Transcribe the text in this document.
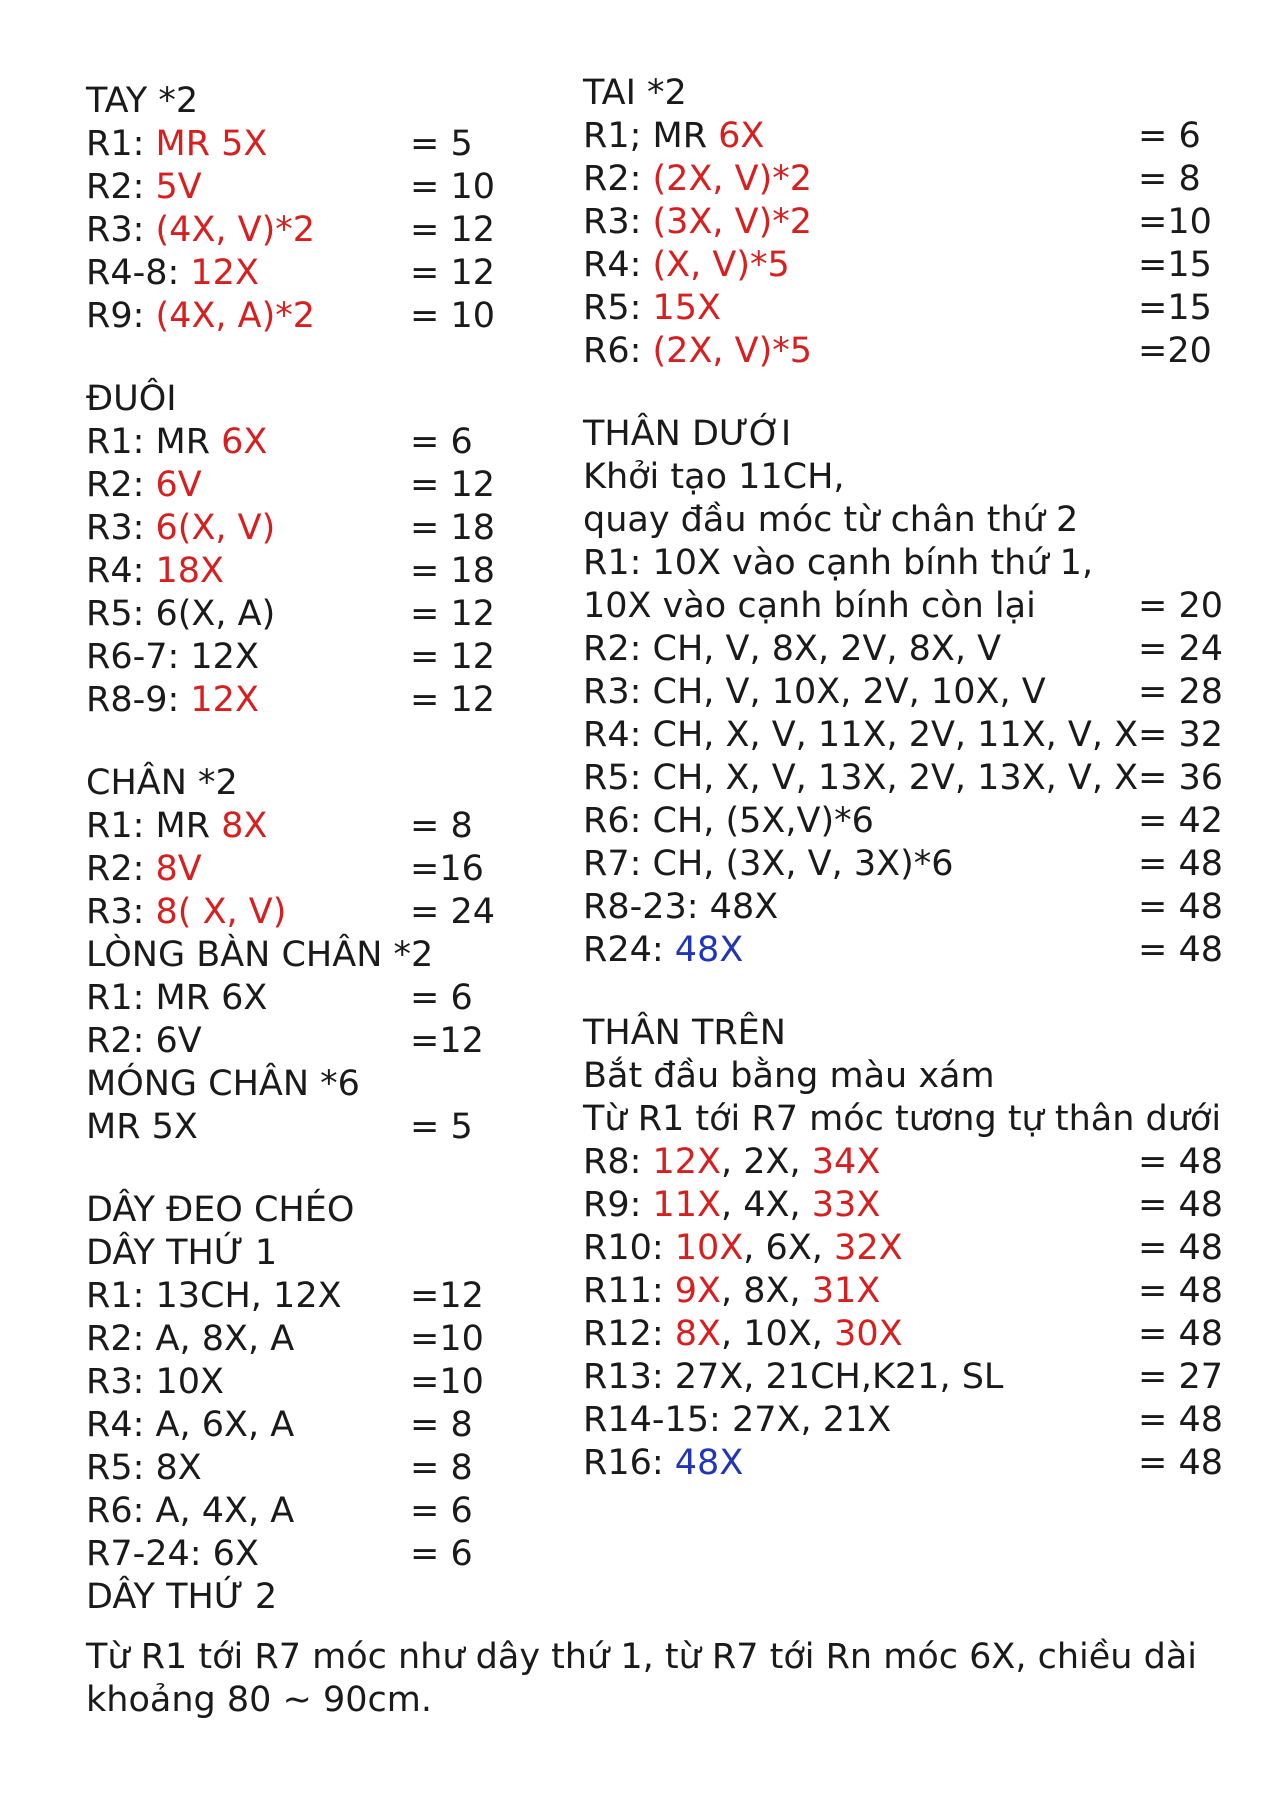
TAY *2
R1: MR 5X	= 5
R2: 5V	= 10
R3: (4X, V)*2	= 12
R4-8: 12X	= 12
R9: (4X, A)*2	= 10
ĐUÔI
R1: MR 6X	= 6
R2: 6V	= 12
R3: 6(X, V)	= 18
R4: 18X	= 18
R5: 6(X, A)	= 12
R6-7: 12X	= 12
R8-9: 12X	= 12
CHÂN *2
R1: MR 8X	= 8
R2: 8V	=16
R3: 8( X, V)	= 24
LÒNG BÀN CHÂN *2
R1: MR 6X	= 6
R2: 6V	=12
MÓNG CHÂN *6
MR 5X	= 5
DÂY ĐEO CHÉO
DÂY THỨ 1
R1: 13CH, 12X =12
R2: A, 8X, A	=10
R3: 10X	=10
R4: A, 6X, A	= 8
R5: 8X	= 8
R6: A, 4X, A	= 6
R7-24: 6X	= 6
DÂY THỨ 2
TAI *2
R1; MR 6X	= 6
R2: (2X, V)*2	= 8
R3: (3X, V)*2	=10
R4: (X, V)*5	=15
R5: 15X	=15
R6: (2X, V)*5	=20
THÂN DƯỚI
Khởi tạo 11CH,
quay đầu móc từ chân thứ 2
R1: 10X vào cạnh bính thứ 1,
10X vào cạnh bính còn lại	= 20
R2: CH, V, 8X, 2V, 8X, V	= 24
R3: CH, V, 10X, 2V, 10X, V	= 28
R4: CH, X, V, 11X, 2V, 11X, V, X = 32
R5: CH, X, V, 13X, 2V, 13X, V, X = 36
R6: CH, (5X,V)*6	= 42
R7: CH, (3X, V, 3X)*6	= 48
R8-23: 48X	= 48
R24: 48X	= 48
THÂN TRÊN
Bắt đầu bằng màu xám
Từ R1 tới R7 móc tương tự thân dưới
R8: 12X, 2X, 34X	= 48
R9: 11X, 4X, 33X	= 48
R10: 10X, 6X, 32X	= 48
R11: 9X, 8X, 31X	= 48
R12: 8X, 10X, 30X	= 48
R13: 27X, 21CH,K21, SL	= 27
R14-15: 27X, 21X	= 48
R16: 48X	= 48
Từ R1 tới R7 móc như dây thứ 1, từ R7 tới Rn móc 6X, chiều dài
khoảng 80 ~ 90cm.
